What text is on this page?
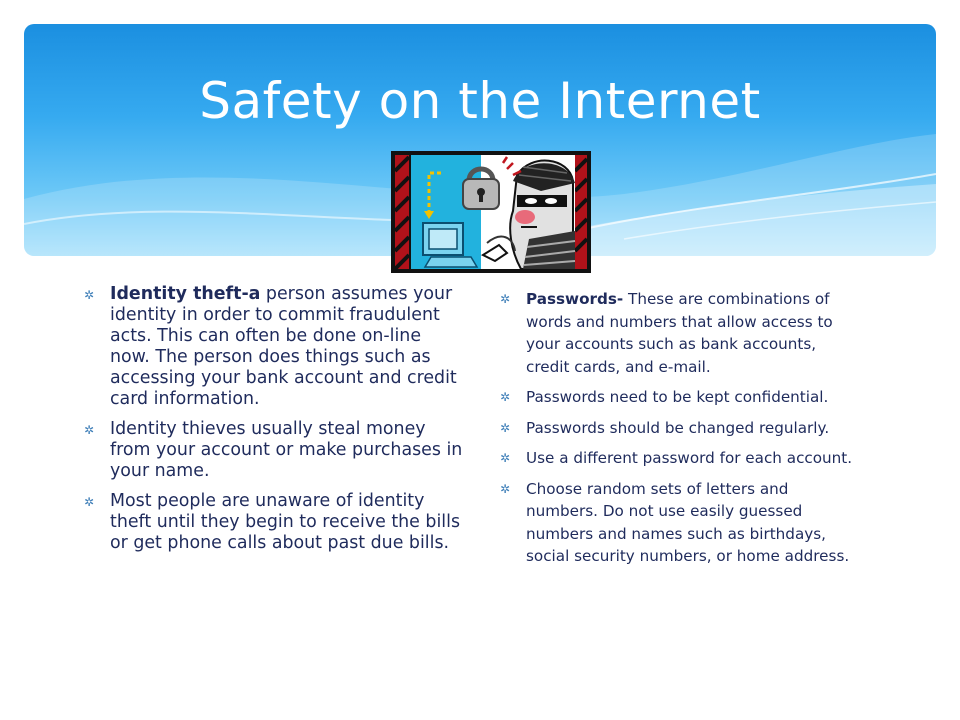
Safety on the Internet
✲ Identity theft-a person assumes your identity in order to commit fraudulent acts. This can often be done on-line now. The person does things such as accessing your bank account and credit card information.
✲ Identity thieves usually steal money from your account or make purchases in your name.
✲ Most people are unaware of identity theft until they begin to receive the bills or get phone calls about past due bills.
✲ Passwords- These are combinations of words and numbers that allow access to your accounts such as bank accounts, credit cards, and e-mail.
✲ Passwords need to be kept confidential.
✲ Passwords should be changed regularly.
✲ Use a different password for each account.
✲ Choose random sets of letters and numbers. Do not use easily guessed numbers and names such as birthdays, social security numbers, or home address.
